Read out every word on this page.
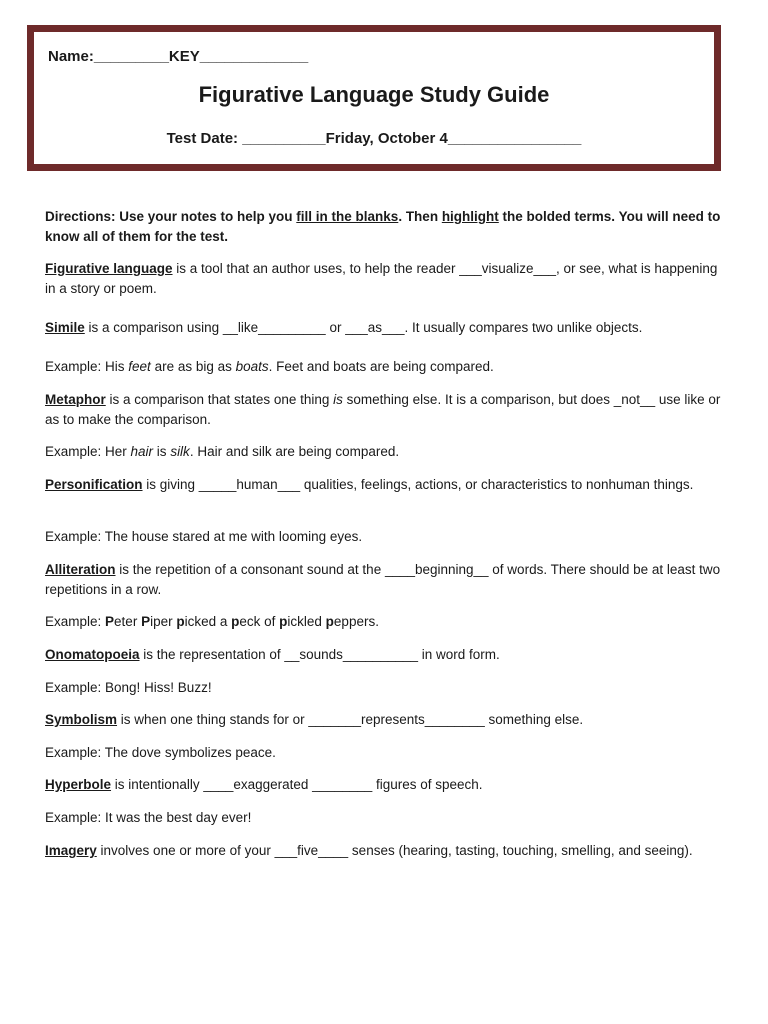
Name:_________KEY_____________
Figurative Language Study Guide
Test Date: __________Friday, October 4________________

Directions: Use your notes to help you fill in the blanks. Then highlight the bolded terms. You will need to know all of them for the test.

Figurative language is a tool that an author uses, to help the reader ___visualize___, or see, what is happening in a story or poem.

Simile is a comparison using __like_________ or ___as___. It usually compares two unlike objects.

Example: His feet are as big as boats. Feet and boats are being compared.

Metaphor is a comparison that states one thing is something else. It is a comparison, but does _not__ use like or as to make the comparison.

Example: Her hair is silk. Hair and silk are being compared.

Personification is giving _____human___ qualities, feelings, actions, or characteristics to nonhuman things.

Example: The house stared at me with looming eyes.

Alliteration is the repetition of a consonant sound at the ____beginning__ of words. There should be at least two repetitions in a row.

Example: Peter Piper picked a peck of pickled peppers.

Onomatopoeia is the representation of __sounds__________ in word form.

Example: Bong! Hiss! Buzz!

Symbolism is when one thing stands for or _______represents________ something else.

Example: The dove symbolizes peace.

Hyperbole is intentionally ____exaggerated ________ figures of speech.

Example: It was the best day ever!

Imagery involves one or more of your ___five____ senses (hearing, tasting, touching, smelling, and seeing).
